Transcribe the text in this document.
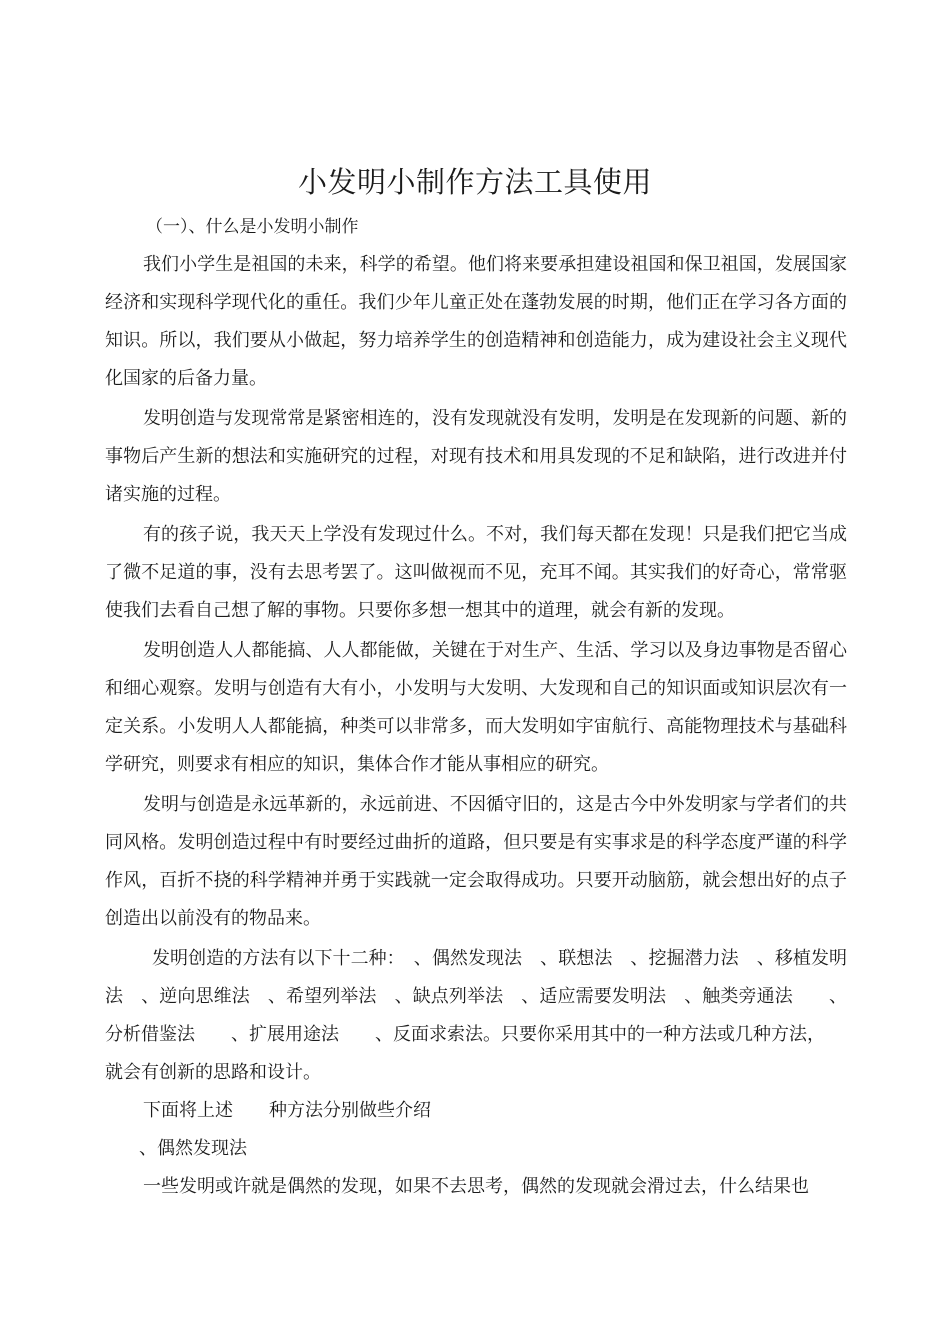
小发明小制作方法工具使用
（一）、什么是小发明小制作

我们小学生是祖国的未来，科学的希望。他们将来要承担建设祖国和保卫祖国，发展国家经济和实现科学现代化的重任。我们少年儿童正处在蓬勃发展的时期，他们正在学习各方面的知识。所以，我们要从小做起，努力培养学生的创造精神和创造能力，成为建设社会主义现代化国家的后备力量。

发明创造与发现常常是紧密相连的，没有发现就没有发明，发明是在发现新的问题、新的事物后产生新的想法和实施研究的过程，对现有技术和用具发现的不足和缺陷，进行改进并付诸实施的过程。

有的孩子说，我天天上学没有发现过什么。不对，我们每天都在发现！只是我们把它当成了微不足道的事，没有去思考罢了。这叫做视而不见，充耳不闻。其实我们的好奇心，常常驱使我们去看自己想了解的事物。只要你多想一想其中的道理，就会有新的发现。

发明创造人人都能搞、人人都能做，关键在于对生产、生活、学习以及身边事物是否留心和细心观察。发明与创造有大有小，小发明与大发明、大发现和自己的知识面或知识层次有一定关系。小发明人人都能搞，种类可以非常多，而大发明如宇宙航行、高能物理技术与基础科学研究，则要求有相应的知识，集体合作才能从事相应的研究。

发明与创造是永远革新的，永远前进、不因循守旧的，这是古今中外发明家与学者们的共同风格。发明创造过程中有时要经过曲折的道路，但只要是有实事求是的科学态度严谨的科学作风，百折不挠的科学精神并勇于实践就一定会取得成功。只要开动脑筋，就会想出好的点子创造出以前没有的物品来。

发明创造的方法有以下十二种：　、偶然发现法　、联想法　、挖掘潜力法　、移植发明法　、逆向思维法　、希望列举法　、缺点列举法　、适应需要发明法　、触类旁通法　　、分析借鉴法　　、扩展用途法　　、反面求索法。只要你采用其中的一种方法或几种方法，

就会有创新的思路和设计。

下面将上述　　种方法分别做些介绍

、偶然发现法

一些发明或许就是偶然的发现，如果不去思考，偶然的发现就会滑过去，什么结果也
